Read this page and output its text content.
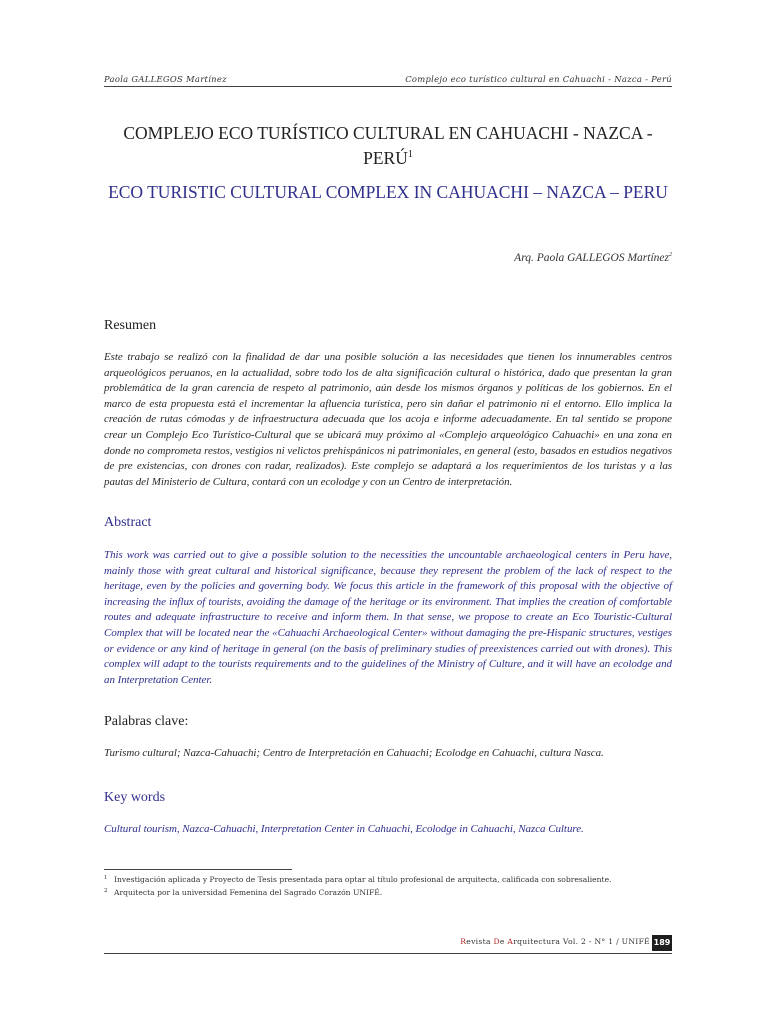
Paola GALLEGOS Martínez	Complejo eco turístico cultural en Cahuachi - Nazca - Perú
COMPLEJO ECO TURÍSTICO CULTURAL EN CAHUACHI - NAZCA - PERÚ$^1$
ECO TURISTIC CULTURAL COMPLEX IN CAHUACHI – NAZCA – PERU
Arq. Paola GALLEGOS Martínez$^2$
Resumen
Este trabajo se realizó con la finalidad de dar una posible solución a las necesidades que tienen los innumerables centros arqueológicos peruanos, en la actualidad, sobre todo los de alta significación cultural o histórica, dado que presentan la gran problemática de la gran carencia de respeto al patrimonio, aún desde los mismos órganos y políticas de los gobiernos. En el marco de esta propuesta está el incrementar la afluencia turística, pero sin dañar el patrimonio ni el entorno. Ello implica la creación de rutas cómodas y de infraestructura adecuada que los acoja e informe adecuadamente. En tal sentido se propone crear un Complejo Eco Turístico-Cultural que se ubicará muy próximo al «Complejo arqueológico Cahuachi» en una zona en donde no comprometa restos, vestigios ni velictos prehispánicos ni patrimoniales, en general (esto, basados en estudios negativos de pre existencias, con drones con radar, realizados). Este complejo se adaptará a los requerimientos de los turistas y a las pautas del Ministerio de Cultura, contará con un ecolodge y con un Centro de interpretación.
Abstract
This work was carried out to give a possible solution to the necessities the uncountable archaeological centers in Peru have, mainly those with great cultural and historical significance, because they represent the problem of the lack of respect to the heritage, even by the policies and governing body. We focus this article in the framework of this proposal with the objective of increasing the influx of tourists, avoiding the damage of the heritage or its environment. That implies the creation of comfortable routes and adequate infrastructure to receive and inform them. In that sense, we propose to create an Eco Touristic-Cultural Complex that will be located near the «Cahuachi Archaeological Center» without damaging the pre-Hispanic structures, vestiges or evidence or any kind of heritage in general (on the basis of preliminary studies of preexistences carried out with drones). This complex will adapt to the tourists requirements and to the guidelines of the Ministry of Culture, and it will have an ecolodge and an Interpretation Center.
Palabras clave:
Turismo cultural; Nazca-Cahuachi; Centro de Interpretación en Cahuachi; Ecolodge en Cahuachi, cultura Nasca.
Key words
Cultural tourism, Nazca-Cahuachi, Interpretation Center in Cahuachi, Ecolodge in Cahuachi, Nazca Culture.
1 Investigación aplicada y Proyecto de Tesis presentada para optar al título profesional de arquitecta, calificada con sobresaliente.
2 Arquitecta por la universidad Femenina del Sagrado Corazón UNIFÉ.
Revista De Arquitectura Vol. 2 - N° 1 / UNIFÉ 189
